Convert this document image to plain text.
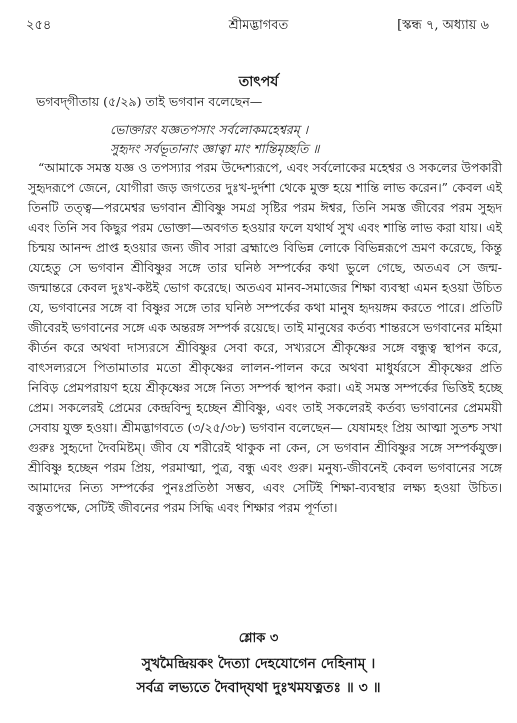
২৫৪	শ্রীমদ্ভাগবত	[স্কন্ধ ৭, অধ্যায় ৬
তাৎপর্য
ভগবদ্‌গীতায় (৫/২৯) তাই ভগবান বলেছেন—
ভোক্তারং যজ্ঞতপসাং সর্বলোকমহেশ্বরম্ ।
সুহৃদং সর্বভূতানাং জ্ঞাত্বা মাং শান্তিমৃচ্ছতি ॥

“আমাকে সমস্ত যজ্ঞ ও তপস্যার পরম উদ্দেশ্যরূপে, এবং সর্বলোকের মহেশ্বর ও সকলের উপকারী সুহৃদরূপে জেনে, যোগীরা জড় জগতের দুঃখ-দুর্দশা থেকে মুক্ত হয়ে শান্তি লাভ করেন।” কেবল এই তিনটি তত্ত্ব—পরমেশ্বর ভগবান শ্রীবিষ্ণু সমগ্র সৃষ্টির পরম ঈশ্বর, তিনি সমস্ত জীবের পরম সুহৃদ এবং তিনি সব কিছুর পরম ভোক্তা—অবগত হওয়ার ফলে যথার্থ সুখ এবং শান্তি লাভ করা যায়। এই চিন্ময় আনন্দ প্রাপ্ত হওয়ার জন্য জীব সারা ব্রহ্মাণ্ডে বিভিন্ন লোকে বিভিন্নরূপে ভ্রমণ করেছে, কিন্তু যেহেতু সে ভগবান শ্রীবিষ্ণুর সঙ্গে তার ঘনিষ্ঠ সম্পর্কের কথা ভুলে গেছে, অতএব সে জন্ম-জন্মান্তরে কেবল দুঃখ-কষ্টই ভোগ করেছে। অতএব মানব-সমাজের শিক্ষা ব্যবস্থা এমন হওয়া উচিত যে, ভগবানের সঙ্গে বা বিষ্ণুর সঙ্গে তার ঘনিষ্ঠ সম্পর্কের কথা মানুষ হৃদয়ঙ্গম করতে পারে। প্রতিটি জীবেরই ভগবানের সঙ্গে এক অন্তরঙ্গ সম্পর্ক রয়েছে। তাই মানুষের কর্তব্য শান্তরসে ভগবানের মহিমা কীর্তন করে অথবা দাস্যরসে শ্রীবিষ্ণুর সেবা করে, সখ্যরসে শ্রীকৃষ্ণের সঙ্গে বন্ধুত্ব স্থাপন করে, বাৎসল্যরসে পিতামাতার মতো শ্রীকৃষ্ণের লালন-পালন করে অথবা মাধুর্যরসে শ্রীকৃষ্ণের প্রতি নিবিড় প্রেমপরায়ণ হয়ে শ্রীকৃষ্ণের সঙ্গে নিত্য সম্পর্ক স্থাপন করা। এই সমস্ত সম্পর্কের ভিত্তিই হচ্ছে প্রেম। সকলেরই প্রেমের কেন্দ্রবিন্দু হচ্ছেন শ্রীবিষ্ণু, এবং তাই সকলেরই কর্তব্য ভগবানের প্রেমময়ী সেবায় যুক্ত হওয়া। শ্রীমদ্ভাগবতে (৩/২৫/৩৮) ভগবান বলেছেন— যেষামহং প্রিয় আত্মা সুতশ্চ সখা গুরুঃ সুহৃদো দৈবমিষ্টম্। জীব যে শরীরেই থাকুক না কেন, সে ভগবান শ্রীবিষ্ণুর সঙ্গে সম্পর্কযুক্ত। শ্রীবিষ্ণু হচ্ছেন পরম প্রিয়, পরমাত্মা, পুত্র, বন্ধু এবং গুরু। মনুষ্য-জীবনেই কেবল ভগবানের সঙ্গে আমাদের নিত্য সম্পর্কের পুনঃপ্রতিষ্ঠা সম্ভব, এবং সেটিই শিক্ষা-ব্যবস্থার লক্ষ্য হওয়া উচিত। বস্তুতপক্ষে, সেটিই জীবনের পরম সিদ্ধি এবং শিক্ষার পরম পূর্ণতা।

শ্লোক ৩
সুখমৈন্দ্রিয়কং দৈত্যা দেহযোগেন দেহিনাম্ ।
সর্বত্র লভ্যতে দৈবাদ্‌যথা দুঃখমযত্নতঃ ॥ ৩ ॥
